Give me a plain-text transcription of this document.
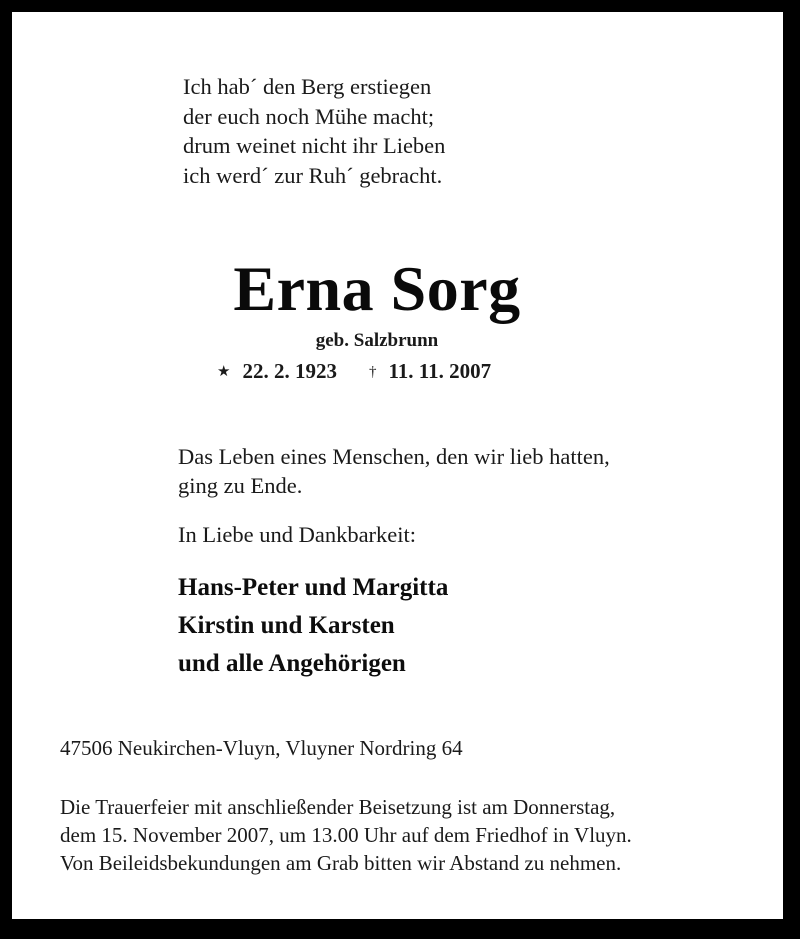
Ich hab´ den Berg erstiegen
der euch noch Mühe macht;
drum weinet nicht ihr Lieben
ich werd´ zur Ruh´ gebracht.
Erna Sorg
geb. Salzbrunn
★ 22. 2. 1923 † 11. 11. 2007
Das Leben eines Menschen, den wir lieb hatten,
ging zu Ende.
In Liebe und Dankbarkeit:
Hans-Peter und Margitta
Kirstin und Karsten
und alle Angehörigen
47506 Neukirchen-Vluyn, Vluyner Nordring 64
Die Trauerfeier mit anschließender Beisetzung ist am Donnerstag,
dem 15. November 2007, um 13.00 Uhr auf dem Friedhof in Vluyn.
Von Beileidsbekundungen am Grab bitten wir Abstand zu nehmen.
